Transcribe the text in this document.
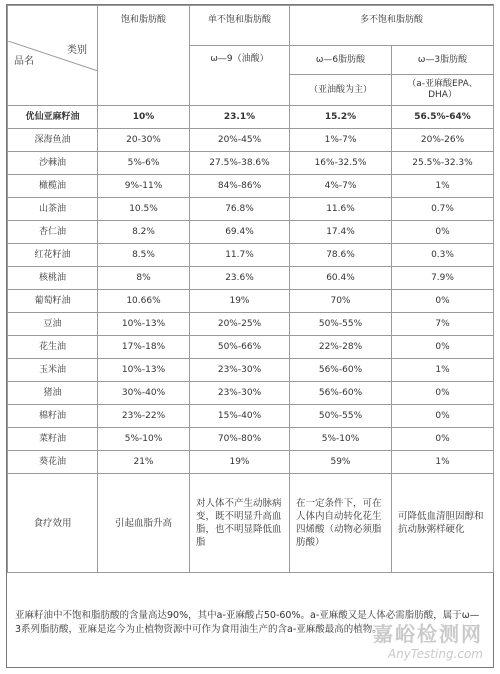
类别
品名	饱和脂肪酸	单不饱和脂肪酸	多不饱和脂肪酸	
		ω—9（油酸）	ω—6脂肪酸	ω—3脂肪酸
			（亚油酸为主）	（a-亚麻酸EPA、DHA）
优仙亚麻籽油	10%	23.1%	15.2%	56.5%-64%
深海鱼油	20-30%	20%-45%	1%-7%	20%-26%
沙棘油	5%-6%	27.5%-38.6%	16%-32.5%	25.5%-32.3%
橄榄油	9%-11%	84%-86%	4%-7%	1%
山茶油	10.5%	76.8%	11.6%	0.7%
杏仁油	8.2%	69.4%	17.4%	0%
红花籽油	8.5%	11.7%	78.6%	0.3%
核桃油	8%	23.6%	60.4%	7.9%
葡萄籽油	10.66%	19%	70%	0%
豆油	10%-13%	20%-25%	50%-55%	7%
花生油	17%-18%	50%-66%	22%-28%	0%
玉米油	10%-13%	23%-30%	56%-60%	1%
猪油	30%-40%	23%-30%	56%-60%	0%
棉籽油	23%-22%	15%-40%	50%-55%	0%
菜籽油	5%-10%	70%-80%	5%-10%	0%
葵花油	21%	19%	59%	1%
食疗效用	引起血脂升高	对人体不产生动脉病变，既不明显升高血脂，也不明显降低血脂	在一定条件下，可在人体内自动转化花生四烯酸（动物必须脂肪酸）	可降低血清胆固醇和抗动脉粥样硬化
亚麻籽油中不饱和脂肪酸的含量高达90%，其中a-亚麻酸占50-60%。a-亚麻酸又是人体必需脂肪酸，属于ω—3系列脂肪酸，亚麻是迄今为止植物资源中可作为食用油生产的含a-亚麻酸最高的植物。
嘉峪检测网
AnyTesting.com
